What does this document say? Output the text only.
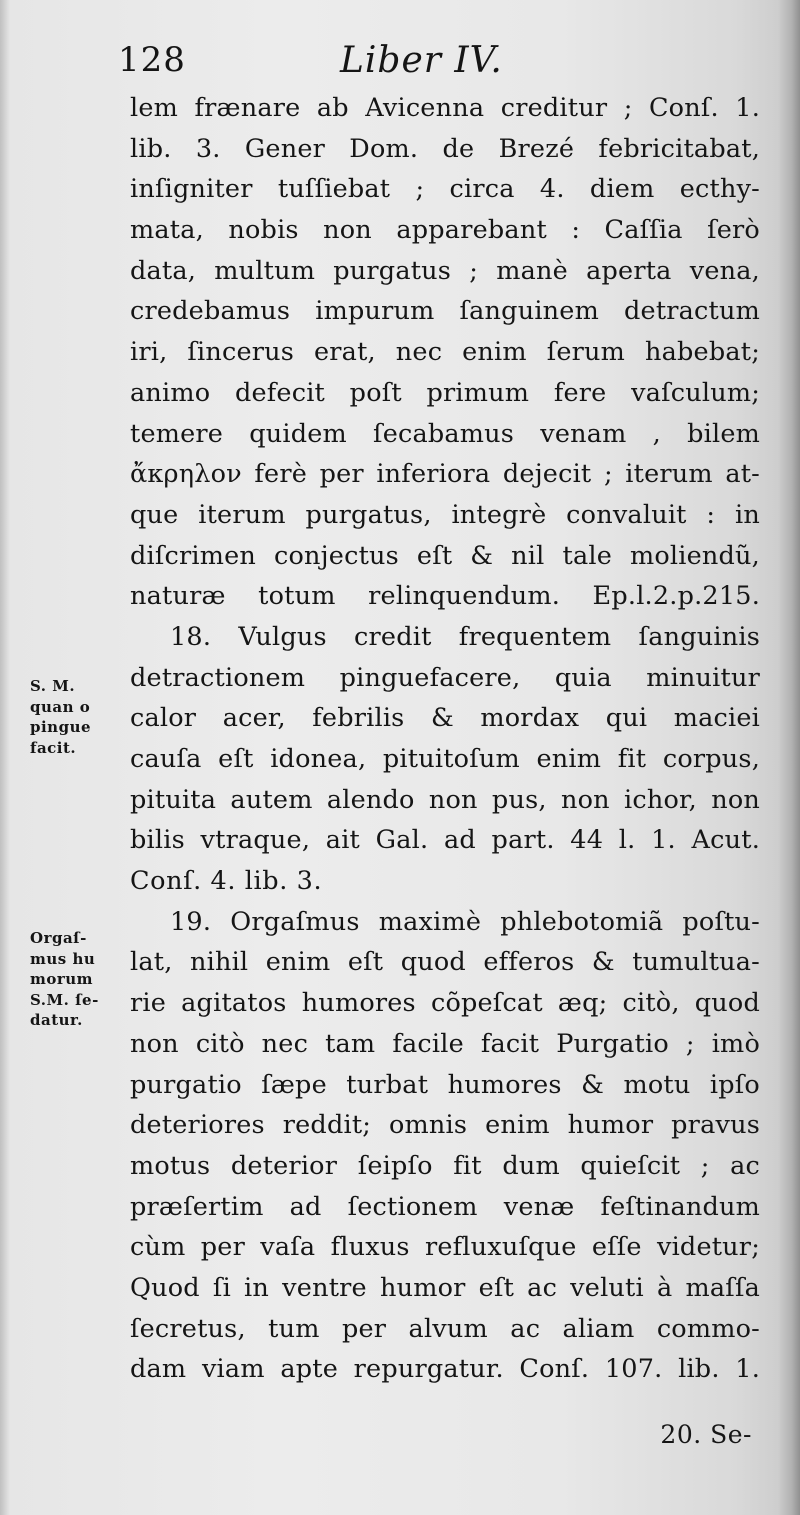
128	Liber IV.
lem frænare ab Avicenna creditur ; Conſ. 1.
lib. 3. Gener Dom. de Brezé febricitabat,
inſigniter tuſſiebat ; circa 4. diem ecthy-
mata, nobis non apparebant : Caſſia ſerò
data, multum purgatus ; manè aperta vena,
credebamus impurum ſanguinem detractum
iri, ſincerus erat, nec enim ſerum habebat;
animo defecit poſt primum fere vaſculum;
temere quidem ſecabamus venam , bilem
ἄκρηλον ferè per inferiora dejecit ; iterum at-
que iterum purgatus, integrè convaluit : in
diſcrimen conjectus eſt & nil tale moliendũ,
naturæ totum relinquendum. Ep.l.2.p.215.
18. Vulgus credit frequentem ſanguinis
detractionem pinguefacere, quia minuitur
calor acer, febrilis & mordax qui maciei
cauſa eſt idonea, pituitoſum enim fit corpus,
pituita autem alendo non pus, non ichor, non
bilis vtraque, ait Gal. ad part. 44 l. 1. Acut.
Conſ. 4. lib. 3.
19. Orgaſmus maximè phlebotomiã poſtu-
lat, nihil enim eſt quod efferos & tumultua-
rie agitatos humores cõpeſcat æq; citò, quod
non citò nec tam facile facit Purgatio ; imò
purgatio ſæpe turbat humores & motu ipſo
deteriores reddit; omnis enim humor pravus
motus deterior ſeipſo fit dum quieſcit ; ac
præſertim ad ſectionem venæ feſtinandum
cùm per vaſa fluxus refluxuſque eſſe videtur;
Quod ſi in ventre humor eſt ac veluti à maſſa
ſecretus, tum per alvum ac aliam commo-
dam viam apte repurgatur. Conſ. 107. lib. 1.
S. M.
quan o
pingue
facit.
Orgaſ-
mus hu
morum
S.M. ſe-
datur.
20. Se-
